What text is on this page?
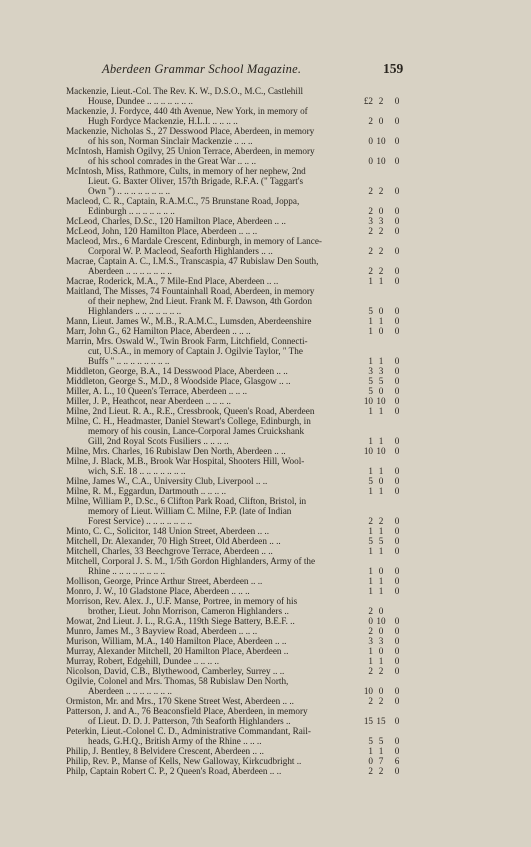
Aberdeen Grammar School Magazine.	159
Mackenzie, Lieut.-Col. The Rev. K. W., D.S.O., M.C., Castlehill
House, Dundee .. .. .. .. .. .. ..	£2 2	0
Mackenzie, J. Fordyce, 440 4th Avenue, New York, in memory of
Hugh Fordyce Mackenzie, H.L.I. .. .. .. ..	2 0	0
Mackenzie, Nicholas S., 27 Desswood Place, Aberdeen, in memory
of his son, Norman Sinclair Mackenzie .. .. ..	0 10 0
McIntosh, Hamish Ogilvy, 25 Union Terrace, Aberdeen, in memory
of his school comrades in the Great War .. .. ..	0 10 0
McIntosh, Miss, Rathmore, Cults, in memory of her nephew, 2nd
Lieut. G. Baxter Oliver, 157th Brigade, R.F.A. (" Taggart's
Own ") .. .. .. .. .. .. .. ..	2 2	0
Macleod, C. R., Captain, R.A.M.C., 75 Brunstane Road, Joppa,
Edinburgh .. .. .. .. .. .. ..	2 0	0
McLeod, Charles, D.Sc., 120 Hamilton Place, Aberdeen .. ..	3 3	0
McLeod, John, 120 Hamilton Place, Aberdeen .. .. ..	2 2	0
Macleod, Mrs., 6 Mardale Crescent, Edinburgh, in memory of Lance-
Corporal W. P. Macleod, Seaforth Highlanders .. ..	2 2	0
Macrae, Captain A. C., I.M.S., Transcaspia, 47 Rubislaw Den South,
Aberdeen .. .. .. .. .. .. ..	2 2	0
Macrae, Roderick, M.A., 7 Mile-End Place, Aberdeen .. ..	1 1	0
Maitland, The Misses, 74 Fountainhall Road, Aberdeen, in memory
of their nephew, 2nd Lieut. Frank M. F. Dawson, 4th Gordon
Highlanders .. .. .. .. .. .. ..	5 0	0
Mann, Lieut. James W., M.B., R.A.M.C., Lumsden, Aberdeenshire	1 1	0
Marr, John G., 62 Hamilton Place, Aberdeen .. .. ..	1 0	0
Marrin, Mrs. Oswald W., Twin Brook Farm, Litchfield, Connecti-
cut, U.S.A., in memory of Captain J. Ogilvie Taylor, " The
Buffs " .. .. .. .. .. .. .. ..	1 1	0
Middleton, George, B.A., 14 Desswood Place, Aberdeen .. ..	3 3	0
Middleton, George S., M.D., 8 Woodside Place, Glasgow .. ..	5 5	0
Miller, A. L., 10 Queen's Terrace, Aberdeen .. .. ..	5 0	0
Miller, J. P., Heathcot, near Aberdeen .. .. .. ..	10 10 0
Milne, 2nd Lieut. R. A., R.E., Cressbrook, Queen's Road, Aberdeen	1 1	0
Milne, C. H., Headmaster, Daniel Stewart's College, Edinburgh, in
memory of his cousin, Lance-Corporal James Cruickshank
Gill, 2nd Royal Scots Fusiliers .. .. .. ..	1 1	0
Milne, Mrs. Charles, 16 Rubislaw Den North, Aberdeen .. ..	10 10 0
Milne, J. Black, M.B., Brook War Hospital, Shooters Hill, Wool-
wich, S.E. 18 .. .. .. .. .. .. ..	1 1	0
Milne, James W., C.A., University Club, Liverpool .. ..	5 0	0
Milne, R. M., Eggardun, Dartmouth .. .. .. ..	1 1	0
Milne, William P., D.Sc., 6 Clifton Park Road, Clifton, Bristol, in
memory of Lieut. William C. Milne, F.P. (late of Indian
Forest Service) .. .. .. .. .. .. ..	2 2	0
Minto, C. C., Solicitor, 148 Union Street, Aberdeen .. ..	1 1	0
Mitchell, Dr. Alexander, 70 High Street, Old Aberdeen .. ..	5 5	0
Mitchell, Charles, 33 Beechgrove Terrace, Aberdeen .. ..	1 1	0
Mitchell, Corporal J. S. M., 1/5th Gordon Highlanders, Army of the
Rhine .. .. .. .. .. .. .. ..	1 0	0
Mollison, George, Prince Arthur Street, Aberdeen .. ..	1 1	0
Monro, J. W., 10 Gladstone Place, Aberdeen .. .. ..	1 1	0
Morrison, Rev. Alex. J., U.F. Manse, Portree, in memory of his
brother, Lieut. John Morrison, Cameron Highlanders ..	2 0
Mowat, 2nd Lieut. J. L., R.G.A., 119th Siege Battery, B.E.F. ..	0 10 0
Munro, James M., 3 Bayview Road, Aberdeen .. .. ..	2 0	0
Murison, William, M.A., 140 Hamilton Place, Aberdeen .. ..	3 3	0
Murray, Alexander Mitchell, 20 Hamilton Place, Aberdeen ..	1 0	0
Murray, Robert, Edgehill, Dundee .. .. .. ..	1 1	0
Nicolson, David, C.B., Blythewood, Camberley, Surrey .. ..	2 2	0
Ogilvie, Colonel and Mrs. Thomas, 58 Rubislaw Den North,
Aberdeen .. .. .. .. .. .. ..	10 0	0
Ormiston, Mr. and Mrs., 170 Skene Street West, Aberdeen .. ..	2 2	0
Patterson, J. and A., 76 Beaconsfield Place, Aberdeen, in memory
of Lieut. D. D. J. Patterson, 7th Seaforth Highlanders ..	15 15 0
Peterkin, Lieut.-Colonel C. D., Administrative Commandant, Rail-
heads, G.H.Q., British Army of the Rhine .. .. ..	5 5	0
Philip, J. Bentley, 8 Belvidere Crescent, Aberdeen .. ..	1 1	0
Philip, Rev. P., Manse of Kells, New Galloway, Kirkcudbright ..	0 7	6
Philp, Captain Robert C. P., 2 Queen's Road, Aberdeen .. ..	2 2	0
